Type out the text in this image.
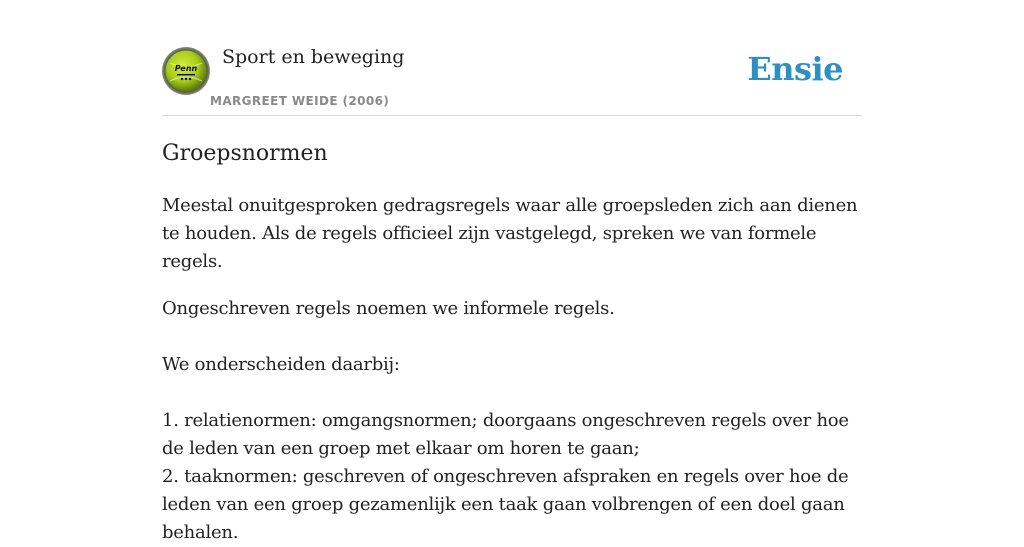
Penn
Sport en beweging
MARGREET WEIDE (2006)
Ensie
Groepsnormen

Meestal onuitgesproken gedragsregels waar alle groepsleden zich aan dienen te houden. Als de regels officieel zijn vastgelegd, spreken we van formele regels.

Ongeschreven regels noemen we informele regels.

We onderscheiden daarbij:

1. relatienormen: omgangsnormen; doorgaans ongeschreven regels over hoe de leden van een groep met elkaar om horen te gaan;

2. taaknormen: geschreven of ongeschreven afspraken en regels over hoe de leden van een groep gezamenlijk een taak gaan volbrengen of een doel gaan behalen.
